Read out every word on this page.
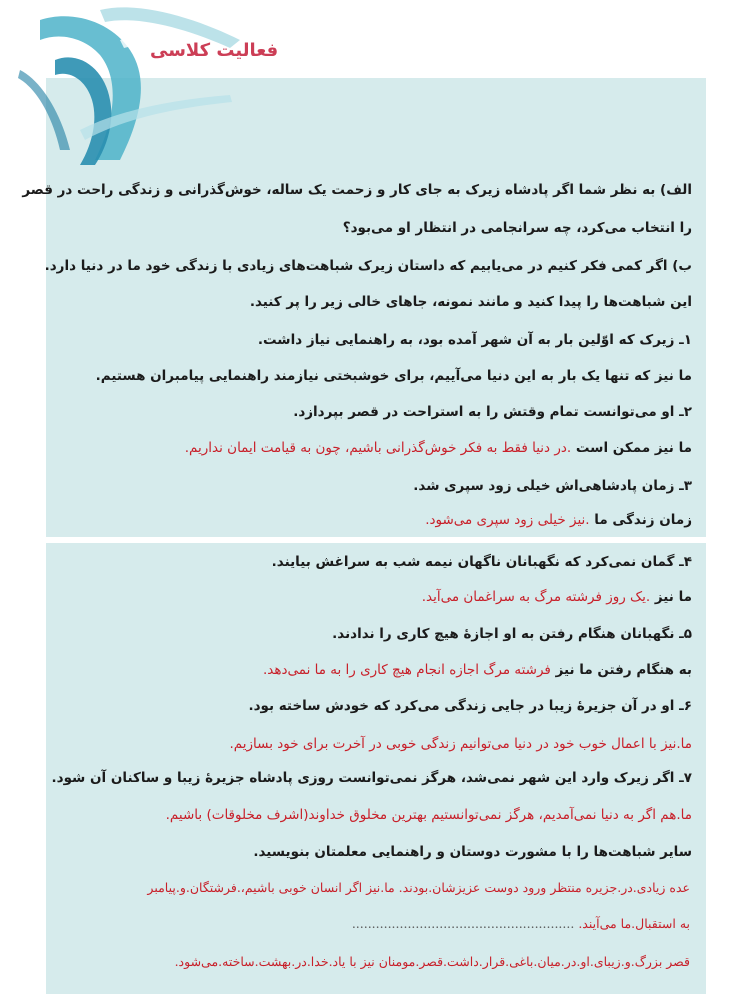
فعالیت کلاسی
الف) به نظر شما اگر پادشاه زیرک به جای کار و زحمت یک ساله، خوش‌گذرانی و زندگی راحت در قصر
را انتخاب می‌کرد، چه سرانجامی در انتظار او می‌بود؟
ب) اگر کمی فکر کنیم در می‌یابیم که داستان زیرک شباهت‌های زیادی با زندگی خود ما در دنیا دارد.
این شباهت‌ها را پیدا کنید و مانند نمونه، جاهای خالی زیر را پر کنید.
۱ـ زیرک که اوّلین بار به آن شهر آمده بود، به راهنمایی نیاز داشت.
ما نیز که تنها یک بار به این دنیا می‌آییم، برای خوشبختی نیازمند راهنمایی پیامبران هستیم.
۲ـ او می‌توانست تمام وقتش را به استراحت در قصر بپردازد.
ما نیز ممکن است .در دنیا فقط به فکر خوش‌گذرانی باشیم، چون به قیامت ایمان نداریم.
۳ـ زمان پادشاهی‌اش خیلی زود سپری شد.
زمان زندگی ما .نیز خیلی زود سپری می‌شود.
۴ـ گمان نمی‌کرد که نگهبانان ناگهان نیمه شب به سراغش بیایند.
ما نیز .یک روز فرشته مرگ به سراغمان می‌آید.
۵ـ نگهبانان هنگام رفتن به او اجازهٔ هیچ کاری را ندادند.
به هنگام رفتن ما نیز فرشته مرگ اجازه انجام هیچ کاری را به ما نمی‌دهد.
۶ـ او در آن جزیرهٔ زیبا در جایی زندگی می‌کرد که خودش ساخته بود.
ما.نیز با اعمال خوب خود در دنیا می‌توانیم زندگی خوبی در آخرت برای خود بسازیم.
۷ـ اگر زیرک وارد این شهر نمی‌شد، هرگز نمی‌توانست روزی پادشاه جزیرهٔ زیبا و ساکنان آن شود.
ما.هم اگر به دنیا نمی‌آمدیم، هرگز نمی‌توانستیم بهترین مخلوق خداوند(اشرف مخلوقات) باشیم.
سایر شباهت‌ها را با مشورت دوستان و راهنمایی معلمتان بنویسید.
عده زیادی.در.جزیره منتظر ورود دوست عزیزشان.بودند. ما.نیز اگر انسان خوبی باشیم،.فرشتگان.و.پیامبر
به استقبال.ما می‌آیند. ........................................................
قصر بزرگ.و.زیبای.او.در.میان.باغی.قرار.داشت.قصر.مومنان نیز با یاد.خدا.در.بهشت.ساخته.می‌شود.
